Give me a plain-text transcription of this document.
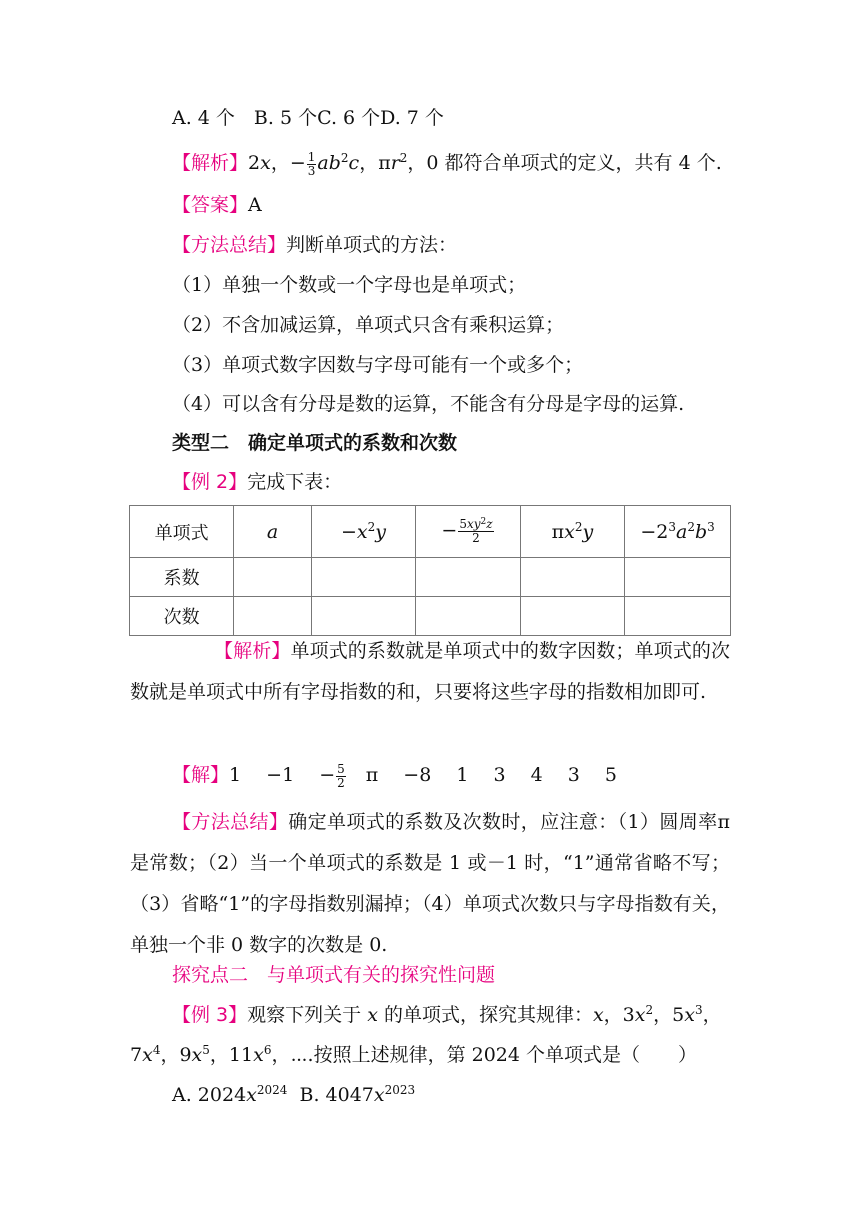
A. 4 个　B. 5 个C. 6 个D. 7 个
【解析】2x，− $\frac{1}{3} ab^2c$，$\pi r^2$，0 都符合单项式的定义，共有 4 个.
【答案】A
【方法总结】判断单项式的方法：
（1）单独一个数或一个字母也是单项式；
（2）不含加减运算，单项式只含有乘积运算；
（3）单项式数字因数与字母可能有一个或多个；
（4）可以含有分母是数的运算，不能含有分母是字母的运算.
类型二　确定单项式的系数和次数
【例 2】完成下表：
单项式	a	$-x^2y$	− $\frac{5xy^2z}{2}$	$\pi x^2y$	$-2^3a^2b^3$
系数					
次数					
【解析】单项式的系数就是单项式中的数字因数；单项式的次数就是单项式中所有字母指数的和，只要将这些字母的指数相加即可.
【解】1　 −1　 − $\frac{5}{2}$ 　π　 −8　 1　 3　 4　 3　 5
【方法总结】确定单项式的系数及次数时，应注意：（1）圆周率π是常数；（2）当一个单项式的系数是 1 或－1 时，“1”通常省略不写；（3）省略“1”的字母指数别漏掉；（4）单项式次数只与字母指数有关，单独一个非 0 数字的次数是 0.
探究点二　与单项式有关的探究性问题
【例 3】观察下列关于 x 的单项式，探究其规律：x，$3x^2$，$5x^3$，
$7x^4$，$9x^5$，$11x^6$，⋯.按照上述规律，第 2024 个单项式是（　　）
A. $2024x^{2024}$  B. $4047x^{2023}$
